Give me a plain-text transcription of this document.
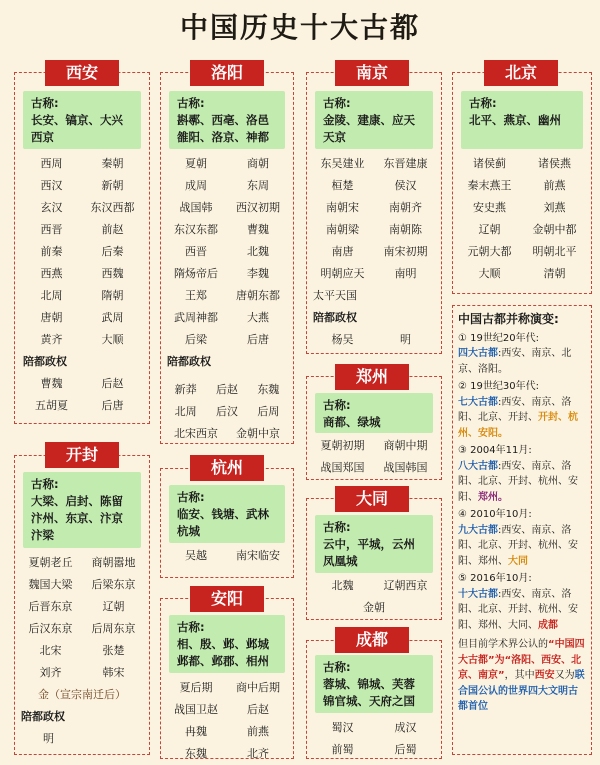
中国历史十大古都
古称:
长安、镐京、大兴西京
西周	秦朝
西汉	新朝
玄汉	东汉西都
西晋	前赵
前秦	后秦
西燕	西魏
北周	隋朝
唐朝	武周
黄齐	大顺
陪都政权
曹魏	后赵
五胡夏	后唐
西安
古称:
斟鄩、西亳、洛邑雒阳、洛京、神都
夏朝	商朝
成周	东周
战国韩	西汉初期
东汉东都	曹魏
西晋	北魏
隋炀帝后	李魏
王郑	唐朝东都
武周神都	大燕
后梁	后唐
陪都政权
新莽	后赵	东魏
北周	后汉	后周
北宋西京	金朝中京
洛阳
古称:
金陵、建康、应天天京
东吴建业	东晋建康
桓楚	侯汉
南朝宋	南朝齐
南朝梁	南朝陈
南唐	南宋初期
明朝应天	南明
太平天国
陪都政权
杨吴	明
南京
古称:
北平、燕京、幽州
诸侯蓟	诸侯燕
秦末燕王	前燕
安史燕	刘燕
辽朝	金朝中都
元朝大都	明朝北平
大顺	清朝
北京
古称:
商都、绿城
夏朝初期	商朝中期
战国郑国	战国韩国
郑州
古称:
临安、钱塘、武林杭城
吴越	南宋临安
杭州
古称:
云中，平城，云州凤凰城
北魏	辽朝西京
金朝
大同
古称:
大梁、启封、陈留汴州、东京、汴京汴梁
夏朝老丘	商朝嚣地
魏国大梁	后梁东京
后晋东京	辽朝
后汉东京	后周东京
北宋	张楚
刘齐	韩宋
金（宣宗南迁后）
陪都政权
明
开封
古称:
相、殷、邺、邺城邺都、邺郡、相州
夏后期	商中后期
战国卫赵	后赵
冉魏	前燕
东魏	北齐
安阳
古称:
蓉城、锦城、芙蓉锦官城、天府之国
蜀汉	成汉
前蜀	后蜀
成都
中国古都并称演变:

① 19世纪20年代:
四大古都:西安、南京、北京、洛阳。

② 19世纪30年代:
七大古都:西安、南京、洛阳、北京、开封、开封、杭州、安阳。

③ 2004年11月:
八大古都:西安、南京、洛阳、北京、开封、杭州、安阳、郑州。

④ 2010年10月:
九大古都:西安、南京、洛阳、北京、开封、杭州、安阳、郑州、大同

⑤ 2016年10月:
十大古都:西安、南京、洛阳、北京、开封、杭州、安阳、郑州、大同、成都

但目前学术界公认的“中国四大古都”为“洛阳、西安、北京、南京”，其中西安又为联合国公认的世界四大文明古都首位
